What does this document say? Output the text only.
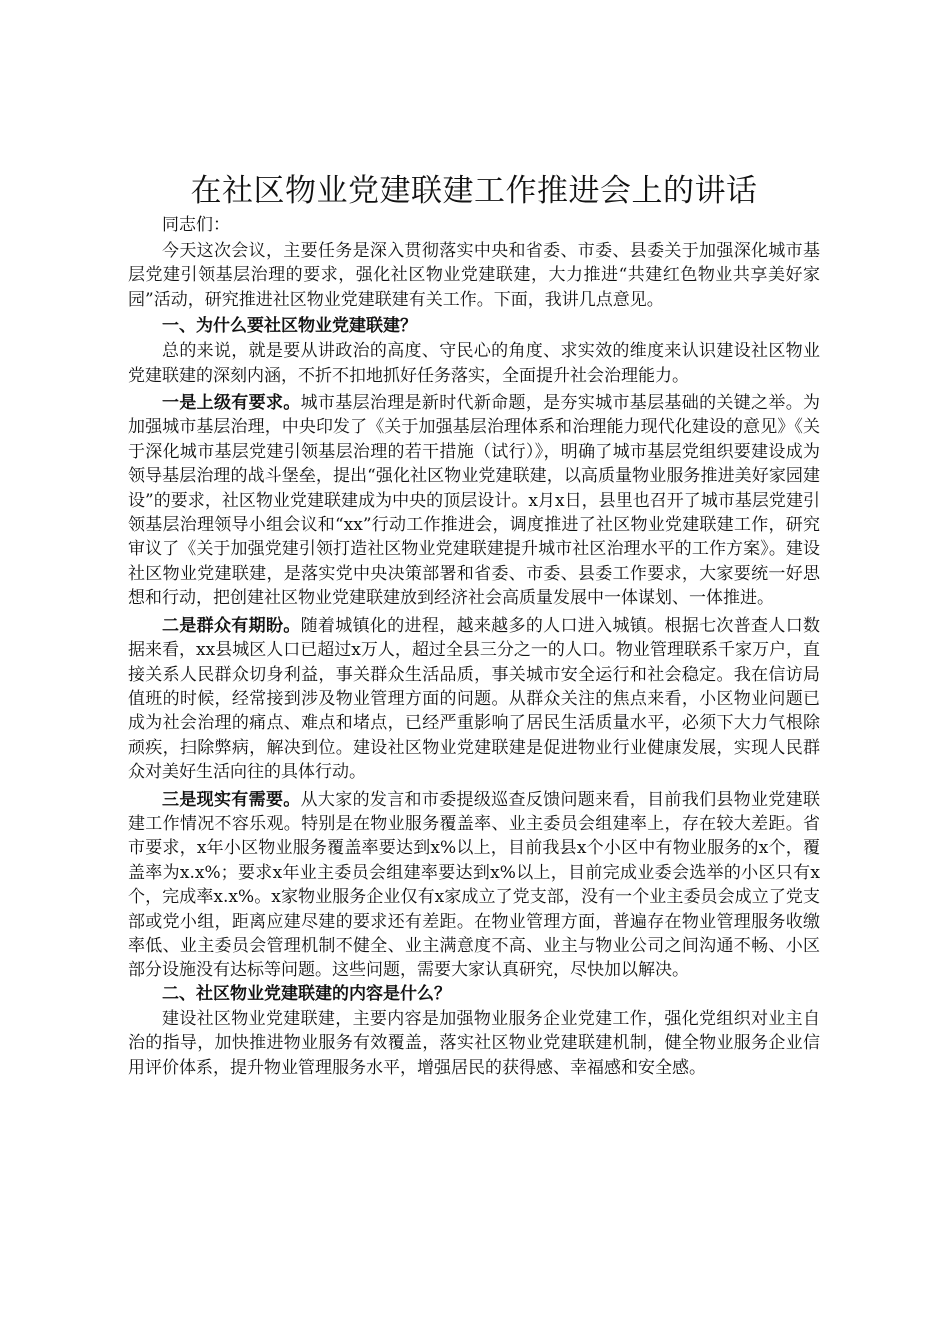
在社区物业党建联建工作推进会上的讲话

同志们：

今天这次会议，主要任务是深入贯彻落实中央和省委、市委、县委关于加强深化城市基层党建引领基层治理的要求，强化社区物业党建联建，大力推进“共建红色物业共享美好家园”活动，研究推进社区物业党建联建有关工作。下面，我讲几点意见。

一、为什么要社区物业党建联建？

总的来说，就是要从讲政治的高度、守民心的角度、求实效的维度来认识建设社区物业党建联建的深刻内涵，不折不扣地抓好任务落实，全面提升社会治理能力。

一是上级有要求。城市基层治理是新时代新命题，是夯实城市基层基础的关键之举。为加强城市基层治理，中央印发了《关于加强基层治理体系和治理能力现代化建设的意见》《关于深化城市基层党建引领基层治理的若干措施（试行）》，明确了城市基层党组织要建设成为领导基层治理的战斗堡垒，提出“强化社区物业党建联建，以高质量物业服务推进美好家园建设”的要求，社区物业党建联建成为中央的顶层设计。x月x日，县里也召开了城市基层党建引领基层治理领导小组会议和“xx”行动工作推进会，调度推进了社区物业党建联建工作，研究审议了《关于加强党建引领打造社区物业党建联建提升城市社区治理水平的工作方案》。建设社区物业党建联建，是落实党中央决策部署和省委、市委、县委工作要求，大家要统一好思想和行动，把创建社区物业党建联建放到经济社会高质量发展中一体谋划、一体推进。

二是群众有期盼。随着城镇化的进程，越来越多的人口进入城镇。根据七次普查人口数据来看，xx县城区人口已超过x万人，超过全县三分之一的人口。物业管理联系千家万户，直接关系人民群众切身利益，事关群众生活品质，事关城市安全运行和社会稳定。我在信访局值班的时候，经常接到涉及物业管理方面的问题。从群众关注的焦点来看，小区物业问题已成为社会治理的痛点、难点和堵点，已经严重影响了居民生活质量水平，必须下大力气根除顽疾，扫除弊病，解决到位。建设社区物业党建联建是促进物业行业健康发展，实现人民群众对美好生活向往的具体行动。

三是现实有需要。从大家的发言和市委提级巡查反馈问题来看，目前我们县物业党建联建工作情况不容乐观。特别是在物业服务覆盖率、业主委员会组建率上，存在较大差距。省市要求，x年小区物业服务覆盖率要达到x%以上，目前我县x个小区中有物业服务的x个，覆盖率为x.x%；要求x年业主委员会组建率要达到x%以上，目前完成业委会选举的小区只有x个，完成率x.x%。x家物业服务企业仅有x家成立了党支部，没有一个业主委员会成立了党支部或党小组，距离应建尽建的要求还有差距。在物业管理方面，普遍存在物业管理服务收缴率低、业主委员会管理机制不健全、业主满意度不高、业主与物业公司之间沟通不畅、小区部分设施没有达标等问题。这些问题，需要大家认真研究，尽快加以解决。

二、社区物业党建联建的内容是什么？

建设社区物业党建联建，主要内容是加强物业服务企业党建工作，强化党组织对业主自治的指导，加快推进物业服务有效覆盖，落实社区物业党建联建机制，健全物业服务企业信用评价体系，提升物业管理服务水平，增强居民的获得感、幸福感和安全感。
